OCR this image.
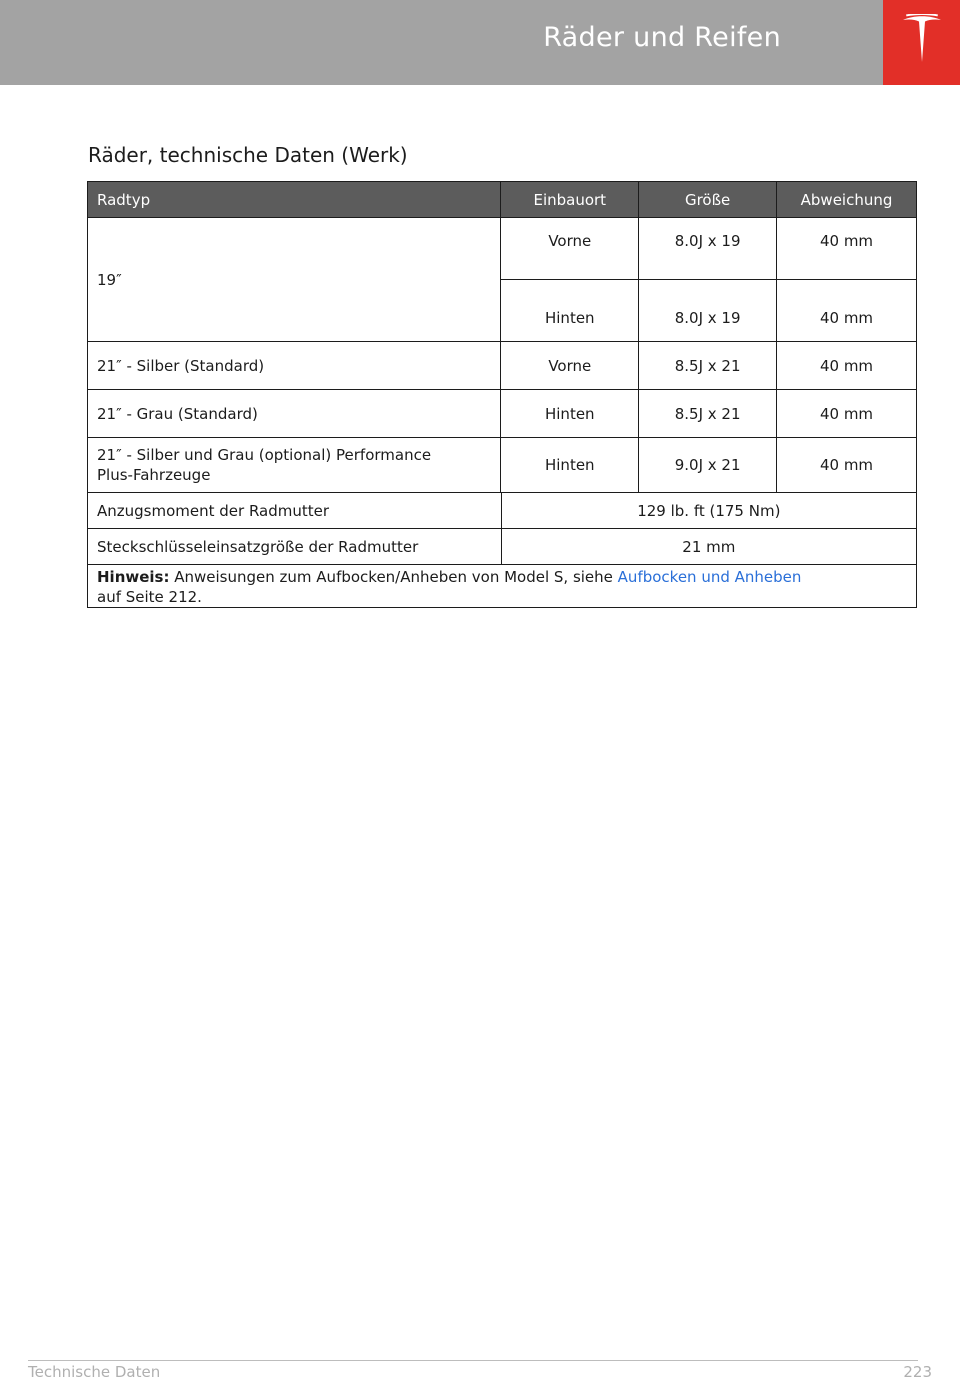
Räder und Reifen
Räder, technische Daten (Werk)
Radtyp	Einbauort	Größe	Abweichung
19″	Vorne	8.0J x 19	40 mm
	Hinten	8.0J x 19	40 mm
21″ - Silber (Standard)	Vorne	8.5J x 21	40 mm
21″ - Grau (Standard)	Hinten	8.5J x 21	40 mm
21″ - Silber und Grau (optional) Performance
Plus-Fahrzeuge	Hinten	9.0J x 21	40 mm
Anzugsmoment der Radmutter	129 lb. ft (175 Nm)
Steckschlüsseleinsatzgröße der Radmutter	21 mm
Hinweis: Anweisungen zum Aufbocken/Anheben von Model S, siehe Aufbocken und Anheben
auf Seite 212.	
Technische Daten	223
